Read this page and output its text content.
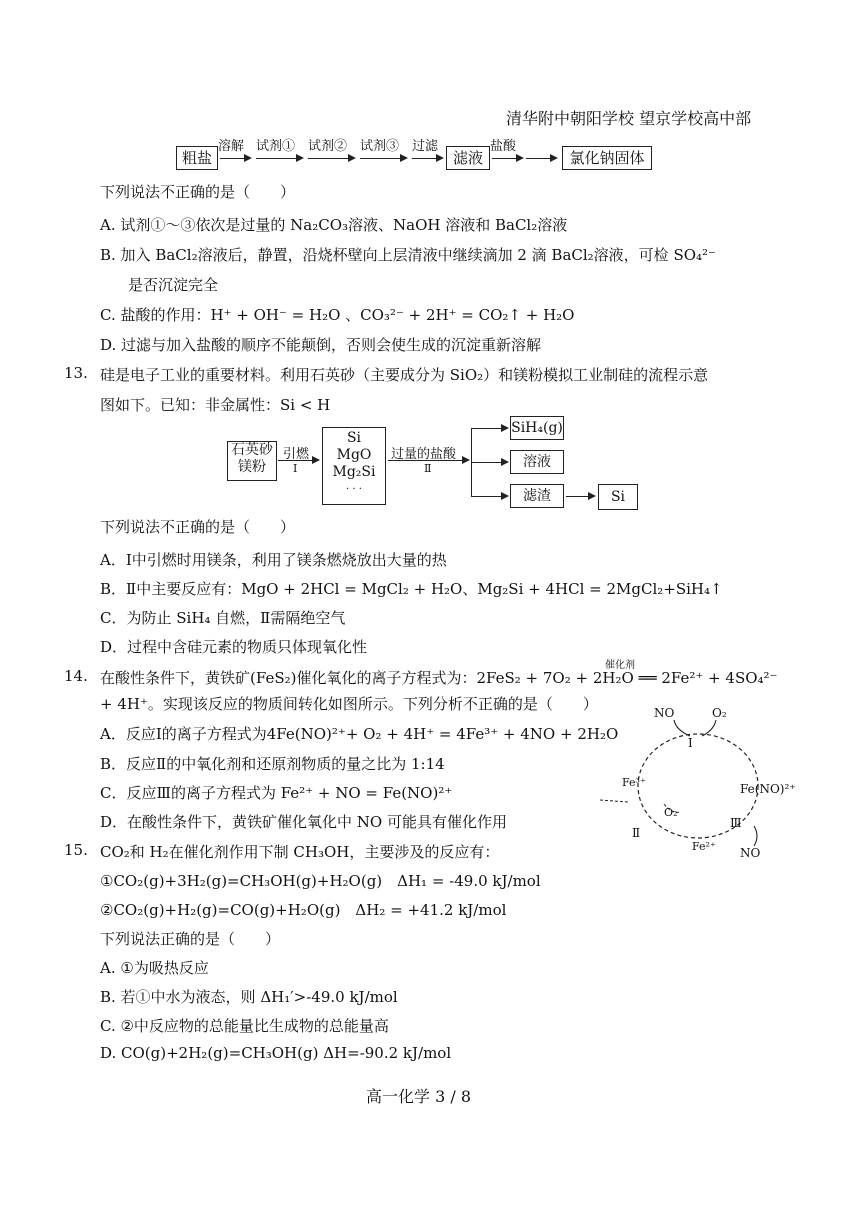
清华附中朝阳学校 望京学校高中部
粗盐
溶解 试剂① 试剂② 试剂③ 过滤
滤液
盐酸
氯化钠固体
下列说法不正确的是（　　）
A. 试剂①～③依次是过量的 Na₂CO₃溶液、NaOH 溶液和 BaCl₂溶液
B. 加入 BaCl₂溶液后，静置，沿烧杯壁向上层清液中继续滴加 2 滴 BaCl₂溶液，可检 SO₄²⁻
是否沉淀完全
C. 盐酸的作用：H⁺ + OH⁻ = H₂O 、CO₃²⁻ + 2H⁺ = CO₂↑ + H₂O
D. 过滤与加入盐酸的顺序不能颠倒，否则会使生成的沉淀重新溶解
13. 硅是电子工业的重要材料。利用石英砂（主要成分为 SiO₂）和镁粉模拟工业制硅的流程示意
图如下。已知：非金属性：Si < H
石英砂
镁粉
引燃
Ⅰ
Si
MgO
Mg₂Si
· · ·
过量的盐酸
Ⅱ
SiH₄(g)
溶液
滤渣	Si
下列说法不正确的是（　　）
A．Ⅰ中引燃时用镁条，利用了镁条燃烧放出大量的热
B．Ⅱ中主要反应有：MgO + 2HCl = MgCl₂ + H₂O、Mg₂Si + 4HCl = 2MgCl₂+SiH₄↑
C．为防止 SiH₄ 自燃，Ⅱ需隔绝空气
D．过程中含硅元素的物质只体现氧化性
14.
催化剂
在酸性条件下，黄铁矿(FeS₂)催化氧化的离子方程式为：2FeS₂ + 7O₂ + 2H₂O ══ 2Fe²⁺ + 4SO₄²⁻
+ 4H⁺。实现该反应的物质间转化如图所示。下列分析不正确的是（　　）
A．反应Ⅰ的离子方程式为4Fe(NO)²⁺+ O₂ + 4H⁺ = 4Fe³⁺ + 4NO + 2H₂O
B．反应Ⅱ的中氧化剂和还原剂物质的量之比为 1:14
C．反应Ⅲ的离子方程式为 Fe²⁺ + NO = Fe(NO)²⁺
D．在酸性条件下，黄铁矿催化氧化中 NO 可能具有催化作用
NO	O₂
Ⅰ
Fe³⁺	Fe(NO)²⁺
O₂
Ⅱ
Ⅲ
Fe²⁺ NO
15. CO₂和 H₂在催化剂作用下制 CH₃OH，主要涉及的反应有：
①CO₂(g)+3H₂(g)=CH₃OH(g)+H₂O(g)　ΔH₁ = -49.0 kJ/mol
②CO₂(g)+H₂(g)=CO(g)+H₂O(g)　ΔH₂ = +41.2 kJ/mol
下列说法正确的是（　　）
A. ①为吸热反应
B. 若①中水为液态，则 ΔH₁′>-49.0 kJ/mol
C. ②中反应物的总能量比生成物的总能量高
D. CO(g)+2H₂(g)=CH₃OH(g) ΔH=-90.2 kJ/mol
高一化学 3 / 8
